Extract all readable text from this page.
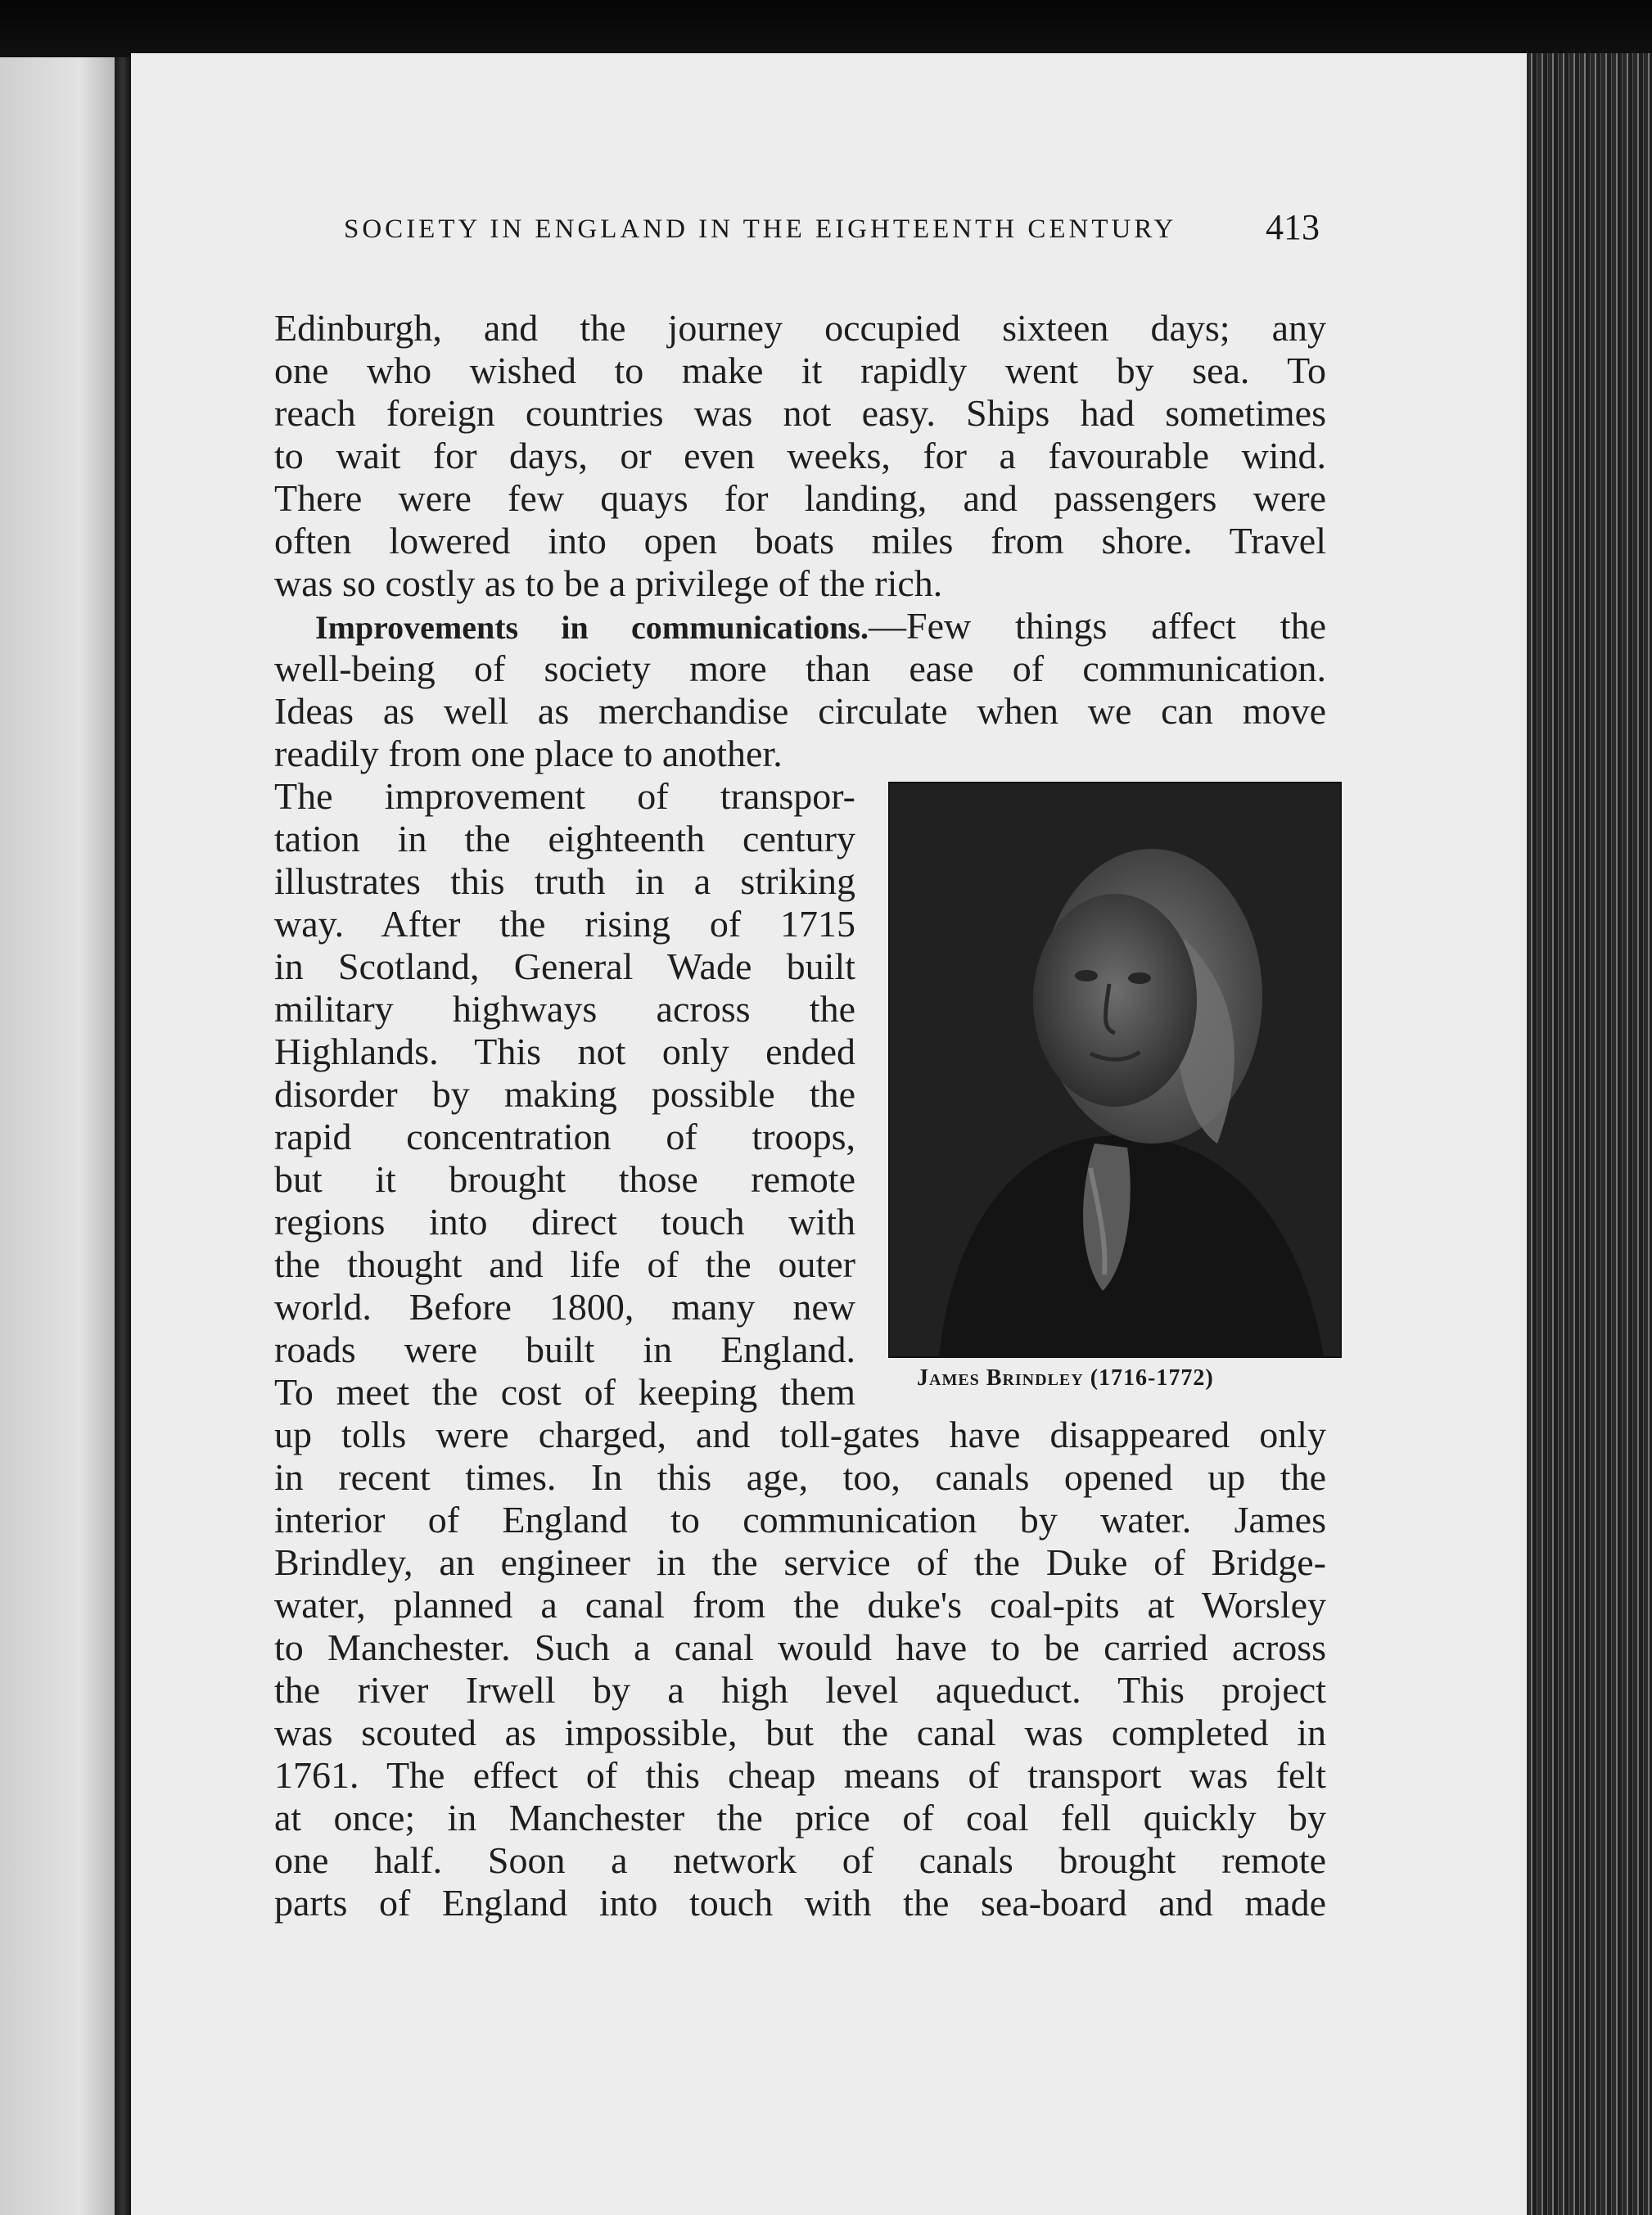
SOCIETY IN ENGLAND IN THE EIGHTEENTH CENTURY	413

Edinburgh, and the journey occupied sixteen days; any

one who wished to make it rapidly went by sea. To

reach foreign countries was not easy. Ships had sometimes

to wait for days, or even weeks, for a favourable wind.

There were few quays for landing, and passengers were

often lowered into open boats miles from shore. Travel

was so costly as to be a privilege of the rich.

Improvements in communications.—Few things affect the

well-being of society more than ease of communication.

Ideas as well as merchandise circulate when we can move

readily from one place to another.

The improvement of transpor-

tation in the eighteenth century

illustrates this truth in a striking

way. After the rising of 1715

in Scotland, General Wade built

military highways across the

Highlands. This not only ended

disorder by making possible the

rapid concentration of troops,

but it brought those remote

regions into direct touch with

the thought and life of the outer

world. Before 1800, many new

roads were built in England.

To meet the cost of keeping them

up tolls were charged, and toll-gates have disappeared only

in recent times. In this age, too, canals opened up the

interior of England to communication by water. James

Brindley, an engineer in the service of the Duke of Bridge-

water, planned a canal from the duke's coal-pits at Worsley

to Manchester. Such a canal would have to be carried across

the river Irwell by a high level aqueduct. This project

was scouted as impossible, but the canal was completed in

1761. The effect of this cheap means of transport was felt

at once; in Manchester the price of coal fell quickly by

one half. Soon a network of canals brought remote

parts of England into touch with the sea-board and made

James Brindley (1716-1772)
